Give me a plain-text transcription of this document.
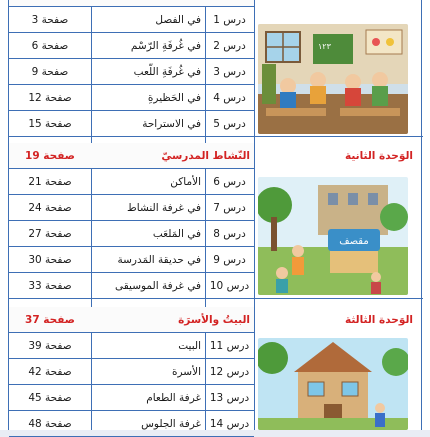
صفحة 3	في الفصل	درس 1
صفحة 6	في غُرفَةِ الرّسْم	درس 2
صفحة 9	في غُرفَةِ اللّعب	درس 3
صفحة 12	في الحَظيرةِ	درس 4
صفحة 15	في الاستراحة	درس 5
صفحة 19	النّشاط المدرسيّ	الوَحدة الثانية
صفحة 21	الأماكن	درس 6
صفحة 24	في غرفة النشاط	درس 7
صفحة 27	في المَلعَب	درس 8
صفحة 30	في حديقة المَدرسة	درس 9
صفحة 33	في غرفة الموسيقى درس 10
صفحة 37	البيتُ والأسرَة	الوَحدة الثالثة
صفحة 39	البيت درس 11
صفحة 42	الأسرة درس 12
صفحة 45	غرفة الطعام درس 13
صفحة 48	غرفة الجلوس درس 14
١٢٣
مقصف
